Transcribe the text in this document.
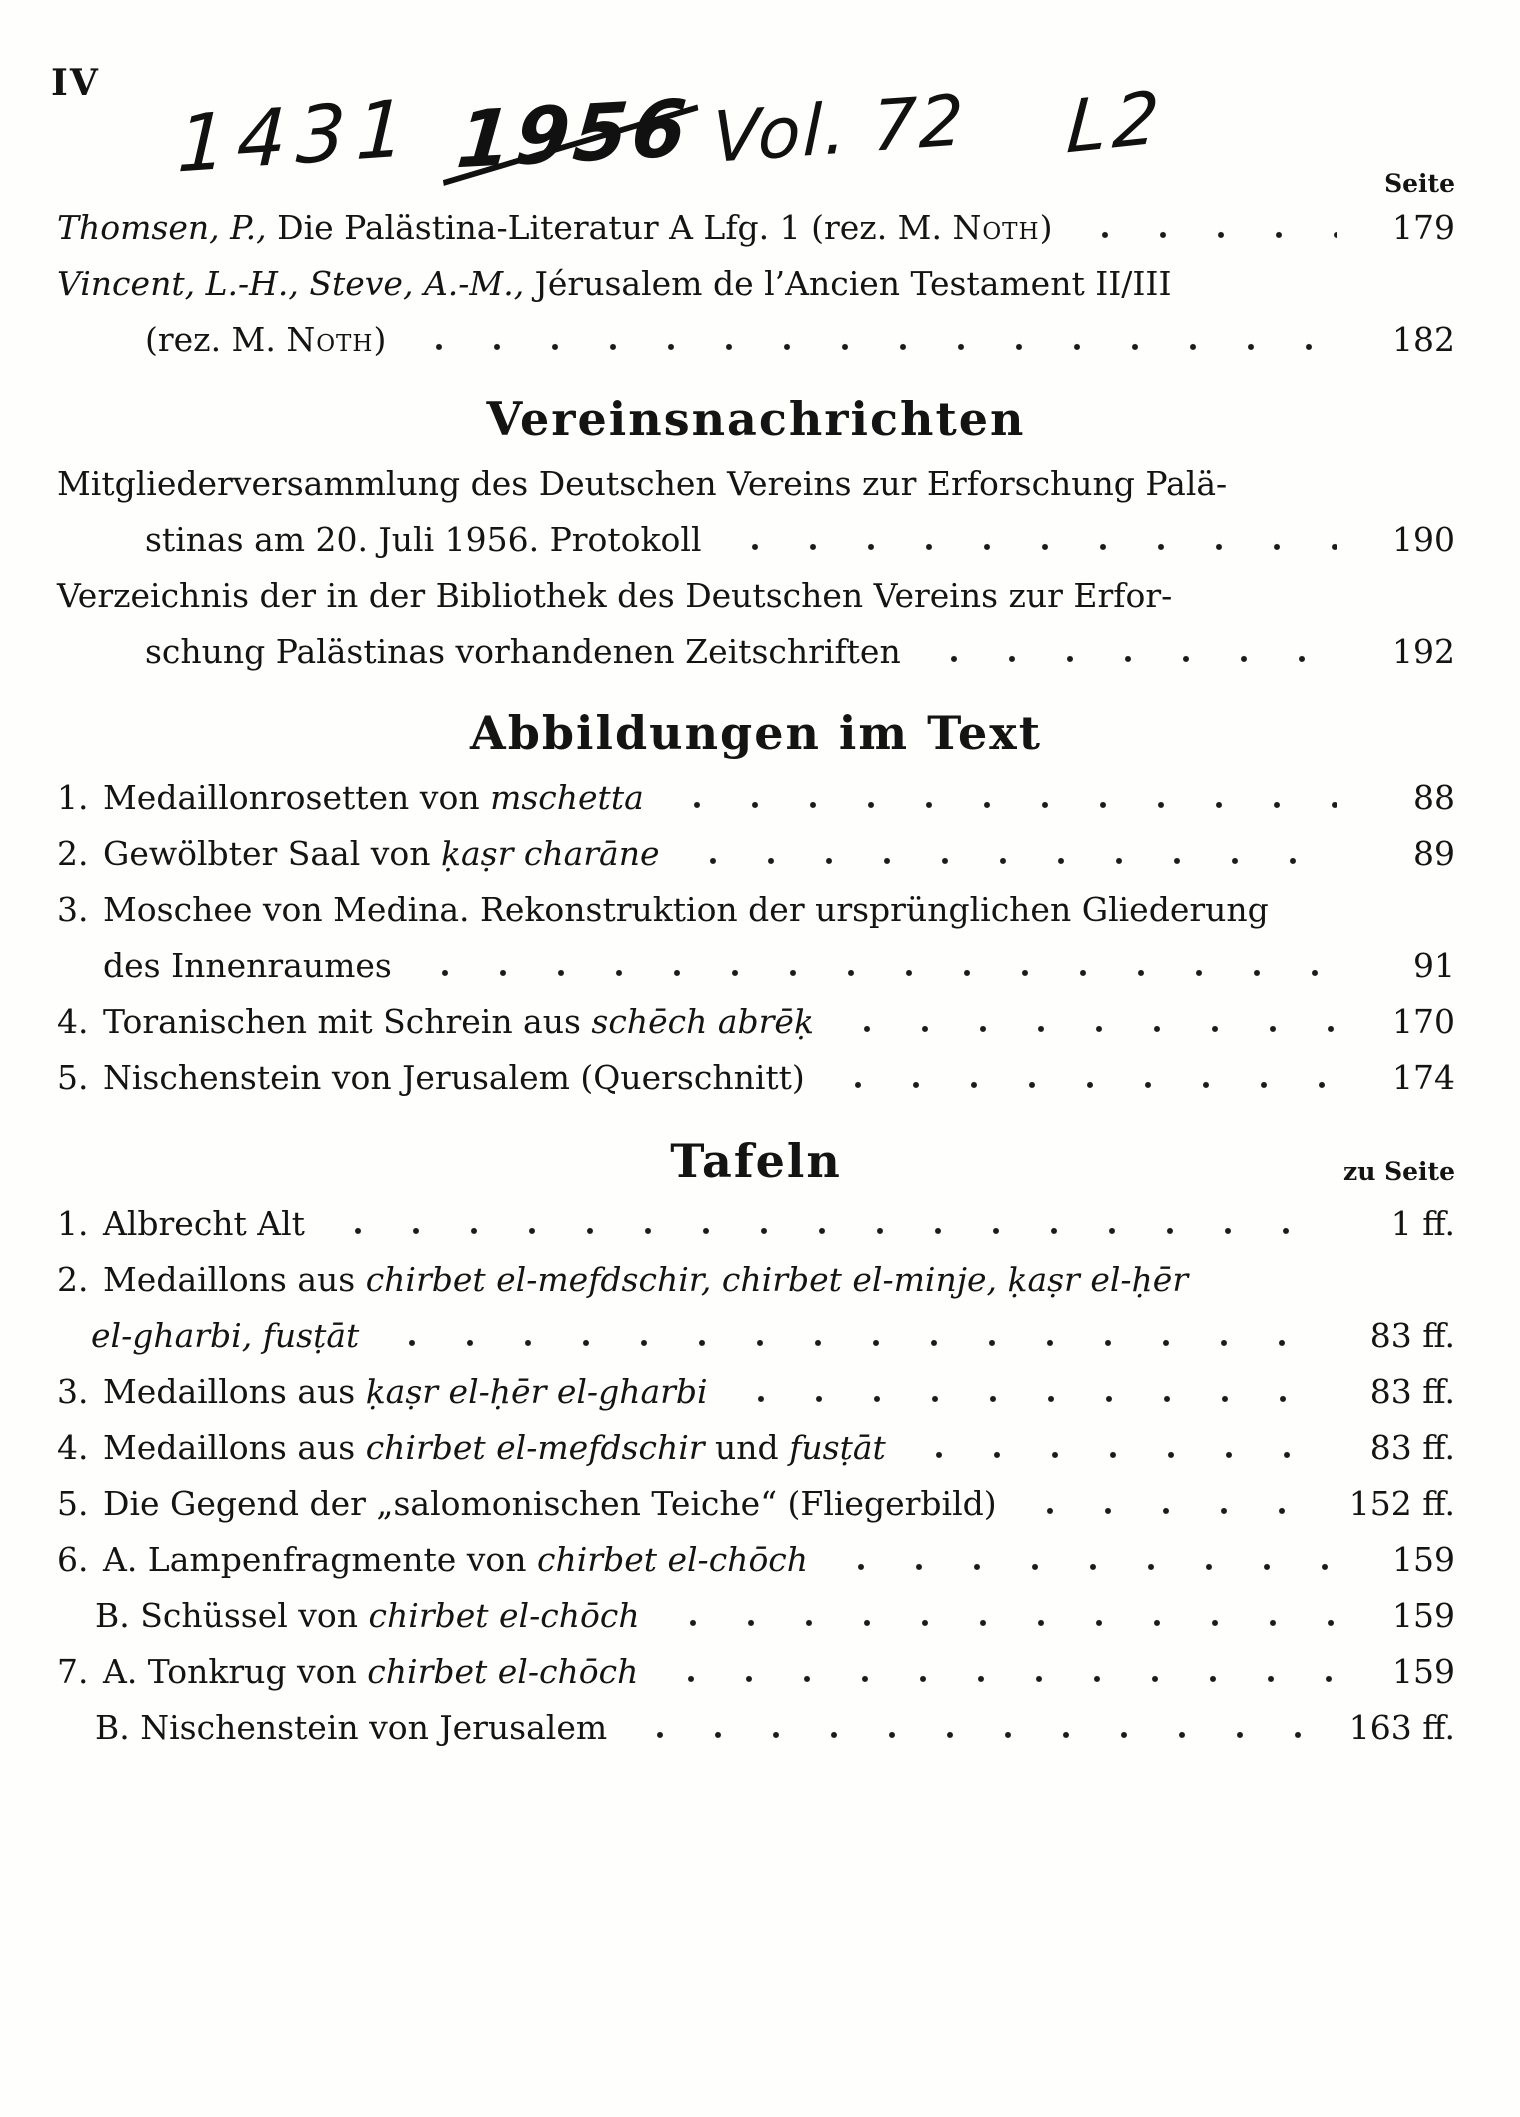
IV
1431 1956 Vol. 72 L2
Seite
Thomsen, P., Die Palästina-Literatur A Lfg. 1 (rez. M. Noth)	179
Vincent, L.-H., Steve, A.-M., Jérusalem de l’Ancien Testament II/III
(rez. M. Noth)	182
Vereinsnachrichten
Mitgliederversammlung des Deutschen Vereins zur Erforschung Palä-
stinas am 20. Juli 1956. Protokoll	190
Verzeichnis der in der Bibliothek des Deutschen Vereins zur Erfor-
schung Palästinas vorhandenen Zeitschriften	192
Abbildungen im Text
1. Medaillonrosetten von mschetta	88
2. Gewölbter Saal von ḳaṣr charāne	89
3. Moschee von Medina. Rekonstruktion der ursprünglichen Gliederung
des Innenraumes	91
4. Toranischen mit Schrein aus schēch abrēḳ	170
5. Nischenstein von Jerusalem (Querschnitt)	174
Tafeln	zu Seite
1. Albrecht Alt	1 ff.
2. Medaillons aus chirbet el-mefdschir, chirbet el-minje, ḳaṣr el-ḥēr
el-gharbi, fusṭāt	83 ff.
3. Medaillons aus ḳaṣr el-ḥēr el-gharbi	83 ff.
4. Medaillons aus chirbet el-mefdschir und fusṭāt	83 ff.
5. Die Gegend der „salomonischen Teiche“ (Fliegerbild)	152 ff.
6. A. Lampenfragmente von chirbet el-chōch	159
B. Schüssel von chirbet el-chōch	159
7. A. Tonkrug von chirbet el-chōch	159
B. Nischenstein von Jerusalem	163 ff.
